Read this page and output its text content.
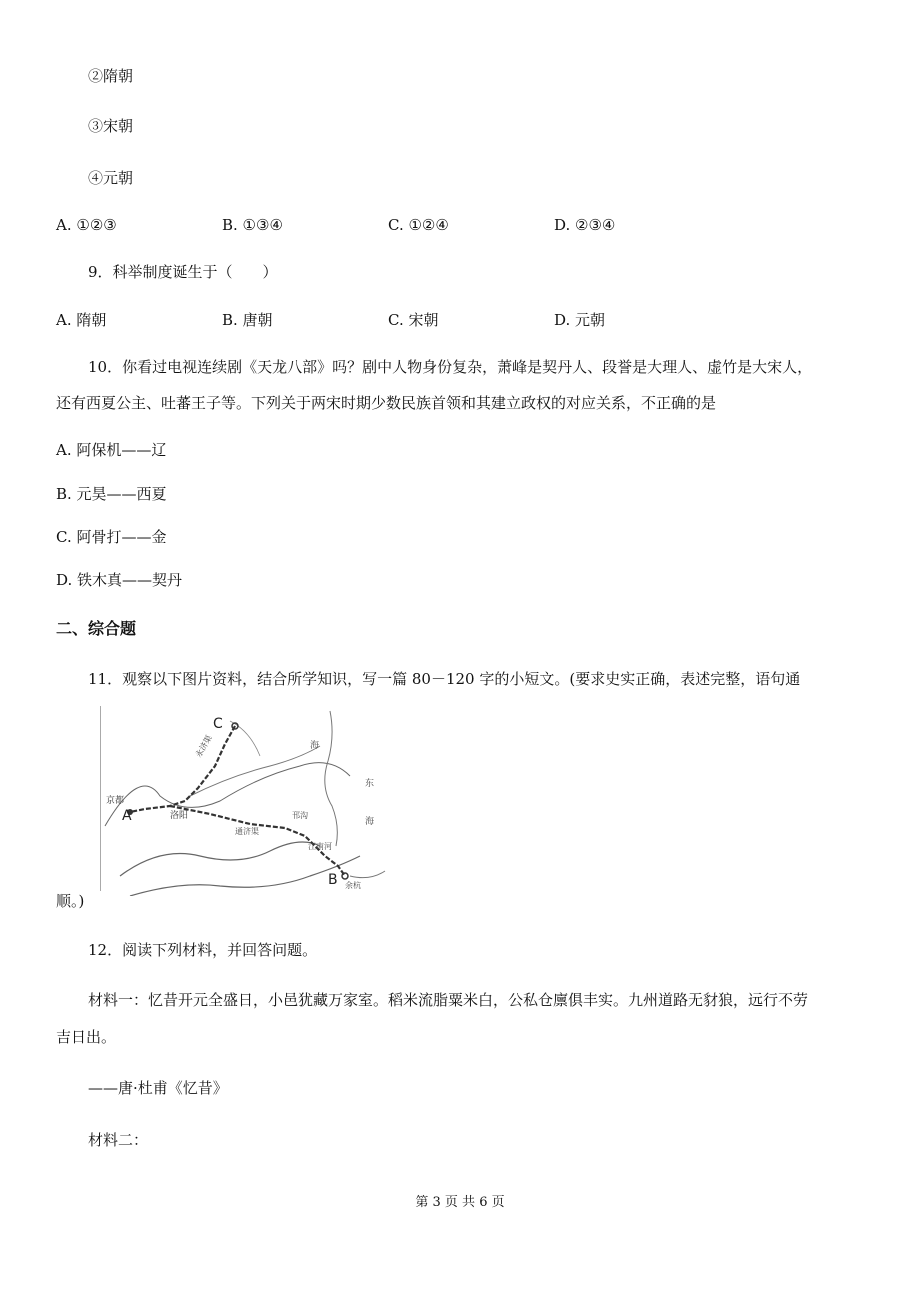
②隋朝
③宋朝
④元朝
A. ①②③	B. ①③④	C. ①②④	D. ②③④
9．科举制度诞生于（　　）
A. 隋朝	B. 唐朝	C. 宋朝	D. 元朝
10．你看过电视连续剧《天龙八部》吗？剧中人物身份复杂，萧峰是契丹人、段誉是大理人、虚竹是大宋人，
还有西夏公主、吐蕃王子等。下列关于两宋时期少数民族首领和其建立政权的对应关系，不正确的是
A. 阿保机——辽
B. 元昊——西夏
C. 阿骨打——金
D. 铁木真——契丹
二、综合题
11．观察以下图片资料，结合所学知识，写一篇 80－120 字的小短文。(要求史实正确，表述完整，语句通
C
A
B
京都
洛阳
永济渠
通济渠
邗沟
江南河
余杭
海
东
海
顺。)
12．阅读下列材料，并回答问题。
材料一：忆昔开元全盛日，小邑犹藏万家室。稻米流脂粟米白，公私仓廪俱丰实。九州道路无豺狼，远行不劳
吉日出。
——唐·杜甫《忆昔》
材料二：
第 3 页 共 6 页
